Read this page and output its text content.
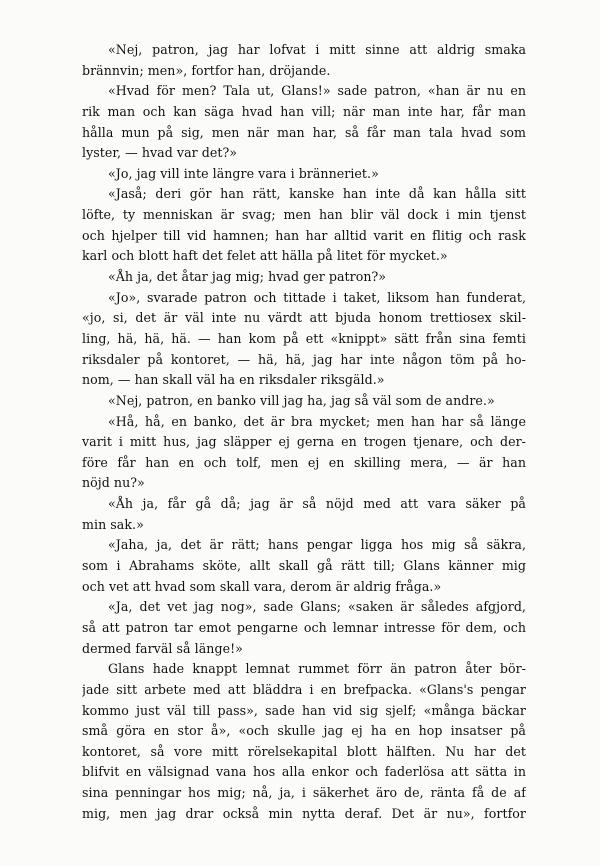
«Nej, patron, jag har lofvat i mitt sinne att aldrig smaka
brännvin; men», fortfor han, dröjande.
«Hvad för men? Tala ut, Glans!» sade patron, «han är nu en
rik man och kan säga hvad han vill; när man inte har, får man
hålla mun på sig, men när man har, så får man tala hvad som
lyster, — hvad var det?»
«Jo, jag vill inte längre vara i bränneriet.»
«Jaså; deri gör han rätt, kanske han inte då kan hålla sitt
löfte, ty menniskan är svag; men han blir väl dock i min tjenst
och hjelper till vid hamnen; han har alltid varit en flitig och rask
karl och blott haft det felet att hälla på litet för mycket.»
«Åh ja, det åtar jag mig; hvad ger patron?»
«Jo», svarade patron och tittade i taket, liksom han funderat,
«jo, si, det är väl inte nu värdt att bjuda honom trettiosex skil-
ling, hä, hä, hä. — han kom på ett «knippt» sätt från sina femti
riksdaler på kontoret, — hä, hä, jag har inte någon töm på ho-
nom, — han skall väl ha en riksdaler riksgäld.»
«Nej, patron, en banko vill jag ha, jag så väl som de andre.»
«Hå, hå, en banko, det är bra mycket; men han har så länge
varit i mitt hus, jag släpper ej gerna en trogen tjenare, och der-
före får han en och tolf, men ej en skilling mera, — är han
nöjd nu?»
«Åh ja, får gå då; jag är så nöjd med att vara säker på
min sak.»
«Jaha, ja, det är rätt; hans pengar ligga hos mig så säkra,
som i Abrahams sköte, allt skall gå rätt till; Glans känner mig
och vet att hvad som skall vara, derom är aldrig fråga.»
«Ja, det vet jag nog», sade Glans; «saken är således afgjord,
så att patron tar emot pengarne och lemnar intresse för dem, och
dermed farväl så länge!»
Glans hade knappt lemnat rummet förr än patron åter bör-
jade sitt arbete med att bläddra i en brefpacka. «Glans's pengar
kommo just väl till pass», sade han vid sig sjelf; «många bäckar
små göra en stor å», «och skulle jag ej ha en hop insatser på
kontoret, så vore mitt rörelsekapital blott hälften. Nu har det
blifvit en välsignad vana hos alla enkor och faderlösa att sätta in
sina penningar hos mig; nå, ja, i säkerhet äro de, ränta få de af
mig, men jag drar också min nytta deraf. Det är nu», fortfor
